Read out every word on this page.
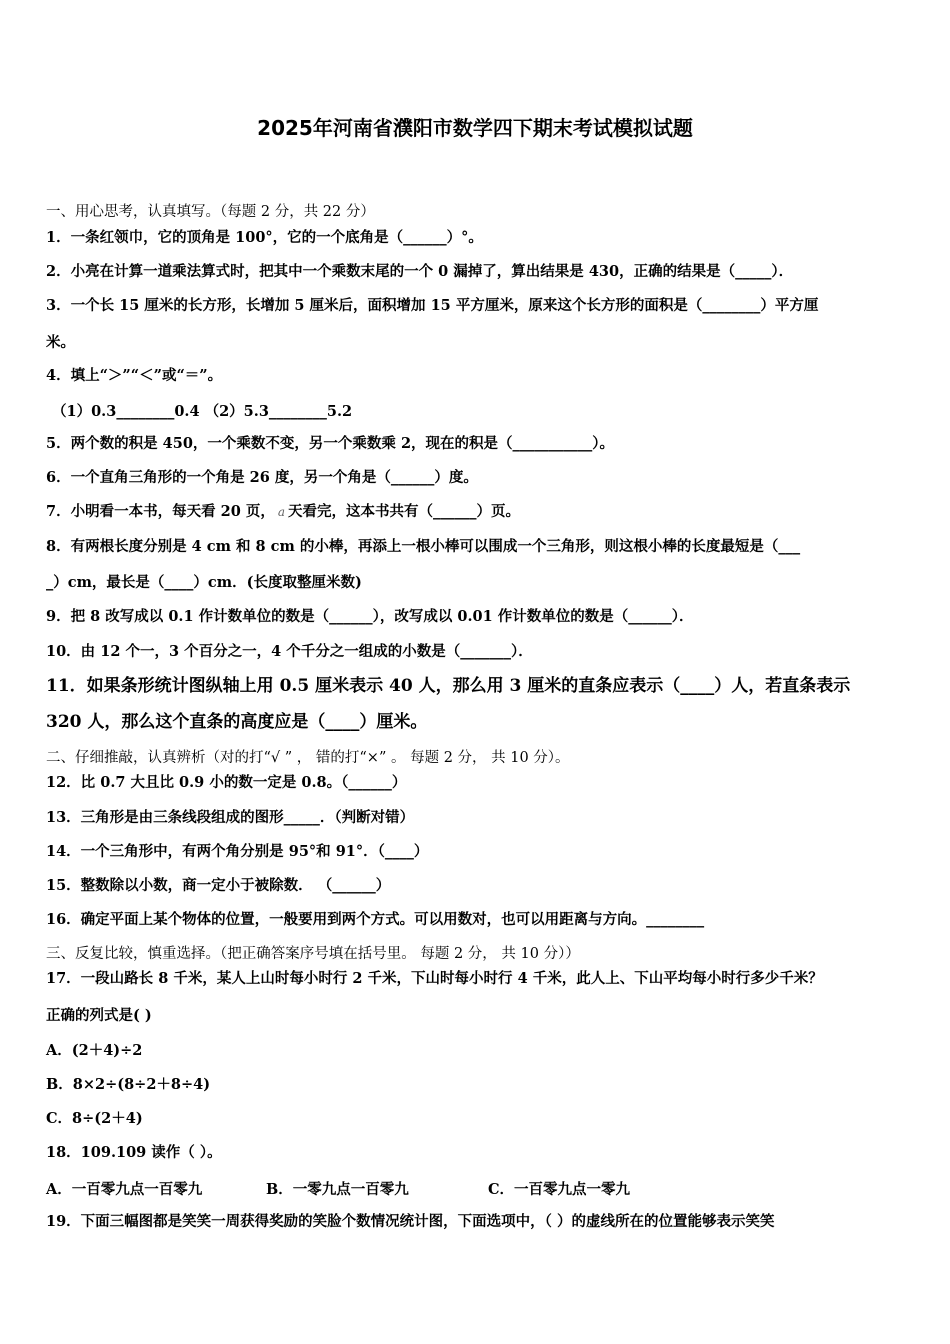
2025年河南省濮阳市数学四下期末考试模拟试题
一、用心思考，认真填写。（每题 2 分，共 22 分）
1．一条红领巾，它的顶角是 100°，它的一个底角是（______）°。
2．小亮在计算一道乘法算式时，把其中一个乘数末尾的一个 0 漏掉了，算出结果是 430，正确的结果是（_____）．
3．一个长 15 厘米的长方形，长增加 5 厘米后，面积增加 15 平方厘米，原来这个长方形的面积是（________）平方厘
米。
4．填上“＞”“＜”或“＝”。
（1）0.3________0.4 （2）5.3________5.2
5．两个数的积是 450，一个乘数不变，另一个乘数乘 2，现在的积是（___________）。
6．一个直角三角形的一个角是 26 度，另一个角是（______）度。
7．小明看一本书，每天看 20 页， a 天看完，这本书共有（______）页。
8．有两根长度分别是 4 cm 和 8 cm 的小棒，再添上一根小棒可以围成一个三角形，则这根小棒的长度最短是（___
_）cm，最长是（____）cm．(长度取整厘米数)
9．把 8 改写成以 0.1 作计数单位的数是（______），改写成以 0.01 作计数单位的数是（______）．
10．由 12 个一，3 个百分之一，4 个千分之一组成的小数是（_______）．
11．如果条形统计图纵轴上用 0.5 厘米表示 40 人，那么用 3 厘米的直条应表示（____）人，若直条表示
320 人，那么这个直条的高度应是（____）厘米。
二、仔细推敲，认真辨析（对的打“√ ” ， 错的打“×” 。 每题 2 分， 共 10 分）。
12．比 0.7 大且比 0.9 小的数一定是 0.8。（______）
13．三角形是由三条线段组成的图形_____．（判断对错）
14．一个三角形中，有两个角分别是 95°和 91°．（____）
15．整数除以小数，商一定小于被除数． （______）
16．确定平面上某个物体的位置，一般要用到两个方式。可以用数对，也可以用距离与方向。________
三、反复比较，慎重选择。（把正确答案序号填在括号里。 每题 2 分， 共 10 分））
17．一段山路长 8 千米，某人上山时每小时行 2 千米，下山时每小时行 4 千米，此人上、下山平均每小时行多少千米？
正确的列式是( )
A．(2＋4)÷2
B．8×2÷(8÷2＋8÷4)
C．8÷(2＋4)
18．109.109 读作（ ）。
A．一百零九点一百零九	B．一零九点一百零九	C．一百零九点一零九
19．下面三幅图都是笑笑一周获得奖励的笑脸个数情况统计图，下面选项中，（ ）的虚线所在的位置能够表示笑笑
